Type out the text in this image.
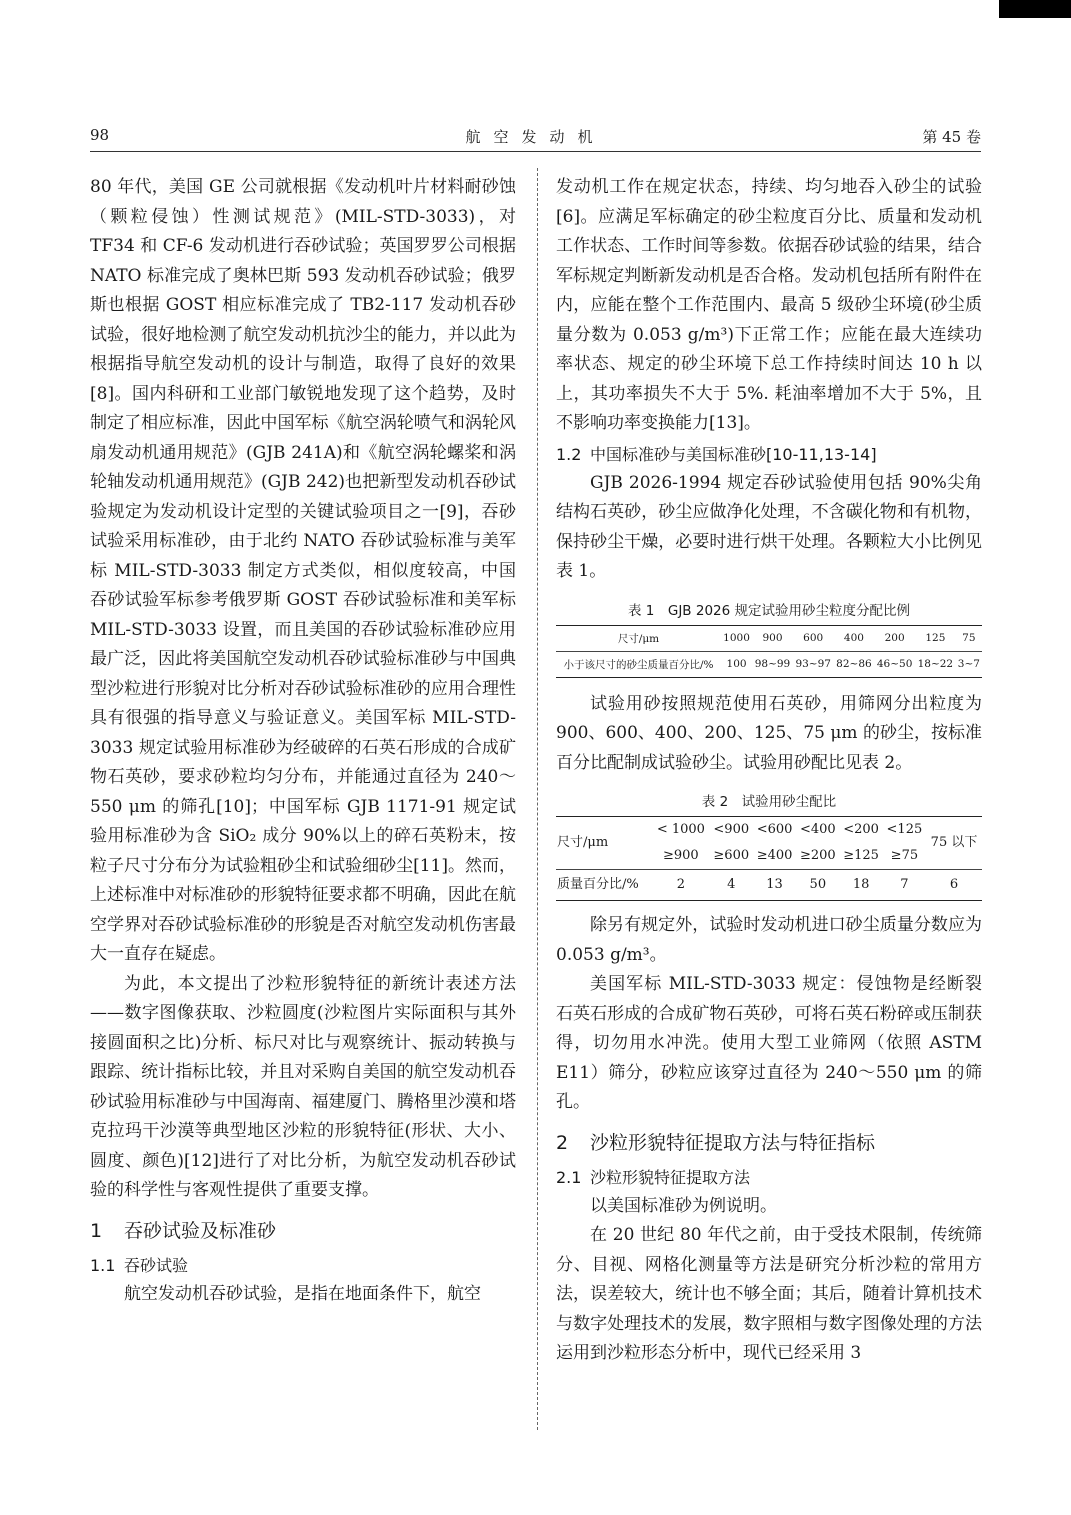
98	航空发动机	第 45 卷

80 年代，美国 GE 公司就根据《发动机叶片材料耐砂蚀（颗粒侵蚀）性测试规范》(MIL-STD-3033)，对 TF34 和 CF-6 发动机进行吞砂试验；英国罗罗公司根据 NATO 标准完成了奥林巴斯 593 发动机吞砂试验；俄罗斯也根据 GOST 相应标准完成了 TB2-117 发动机吞砂试验，很好地检测了航空发动机抗沙尘的能力，并以此为根据指导航空发动机的设计与制造，取得了良好的效果[8]。国内科研和工业部门敏锐地发现了这个趋势，及时制定了相应标准，因此中国军标《航空涡轮喷气和涡轮风扇发动机通用规范》(GJB 241A)和《航空涡轮螺桨和涡轮轴发动机通用规范》(GJB 242)也把新型发动机吞砂试验规定为发动机设计定型的关键试验项目之一[9]，吞砂试验采用标准砂，由于北约 NATO 吞砂试验标准与美军标 MIL-STD-3033 制定方式类似，相似度较高，中国吞砂试验军标参考俄罗斯 GOST 吞砂试验标准和美军标 MIL-STD-3033 设置，而且美国的吞砂试验标准砂应用最广泛，因此将美国航空发动机吞砂试验标准砂与中国典型沙粒进行形貌对比分析对吞砂试验标准砂的应用合理性具有很强的指导意义与验证意义。美国军标 MIL-STD-3033 规定试验用标准砂为经破碎的石英石形成的合成矿物石英砂，要求砂粒均匀分布，并能通过直径为 240～550 μm 的筛孔[10]；中国军标 GJB 1171-91 规定试验用标准砂为含 SiO₂ 成分 90%以上的碎石英粉末，按粒子尺寸分布分为试验粗砂尘和试验细砂尘[11]。然而，上述标准中对标准砂的形貌特征要求都不明确，因此在航空学界对吞砂试验标准砂的形貌是否对航空发动机伤害最大一直存在疑虑。

为此，本文提出了沙粒形貌特征的新统计表述方法——数字图像获取、沙粒圆度(沙粒图片实际面积与其外接圆面积之比)分析、标尺对比与观察统计、振动转换与跟踪、统计指标比较，并且对采购自美国的航空发动机吞砂试验用标准砂与中国海南、福建厦门、腾格里沙漠和塔克拉玛干沙漠等典型地区沙粒的形貌特征(形状、大小、圆度、颜色)[12]进行了对比分析，为航空发动机吞砂试验的科学性与客观性提供了重要支撑。

1 吞砂试验及标准砂
1.1 吞砂试验

航空发动机吞砂试验，是指在地面条件下，航空

发动机工作在规定状态，持续、均匀地吞入砂尘的试验[6]。应满足军标确定的砂尘粒度百分比、质量和发动机工作状态、工作时间等参数。依据吞砂试验的结果，结合军标规定判断新发动机是否合格。发动机包括所有附件在内，应能在整个工作范围内、最高 5 级砂尘环境(砂尘质量分数为 0.053 g/m³)下正常工作；应能在最大连续功率状态、规定的砂尘环境下总工作持续时间达 10 h 以上，其功率损失不大于 5%. 耗油率增加不大于 5%，且不影响功率变换能力[13]。

1.2 中国标准砂与美国标准砂[10-11,13-14]

GJB 2026-1994 规定吞砂试验使用包括 90%尖角结构石英砂，砂尘应做净化处理，不含碳化物和有机物，保持砂尘干燥，必要时进行烘干处理。各颗粒大小比例见表 1。

表 1　GJB 2026 规定试验用砂尘粒度分配比例
尺寸/μm	1000	900	600	400	200	125	75
小于该尺寸的砂尘质量百分比/%	100	98~99	93~97	82~86	46~50	18~22	3~7

试验用砂按照规范使用石英砂，用筛网分出粒度为 900、600、400、200、125、75 μm 的砂尘，按标准百分比配制成试验砂尘。试验用砂配比见表 2。

表 2　试验用砂尘配比
尺寸/μm	< 1000	<900	<600	<400	<200	<125	75 以下
	≥900	≥600	≥400	≥200	≥125	≥75	
质量百分比/%	2	4	13	50	18	7	6

除另有规定外，试验时发动机进口砂尘质量分数应为 0.053 g/m³。

美国军标 MIL-STD-3033 规定：侵蚀物是经断裂石英石形成的合成矿物石英砂，可将石英石粉碎或压制获得，切勿用水冲洗。使用大型工业筛网（依照 ASTM E11）筛分，砂粒应该穿过直径为 240～550 μm 的筛孔。

2 沙粒形貌特征提取方法与特征指标
2.1 沙粒形貌特征提取方法

以美国标准砂为例说明。

在 20 世纪 80 年代之前，由于受技术限制，传统筛分、目视、网格化测量等方法是研究分析沙粒的常用方法，误差较大，统计也不够全面；其后，随着计算机技术与数字处理技术的发展，数字照相与数字图像处理的方法运用到沙粒形态分析中，现代已经采用 3
